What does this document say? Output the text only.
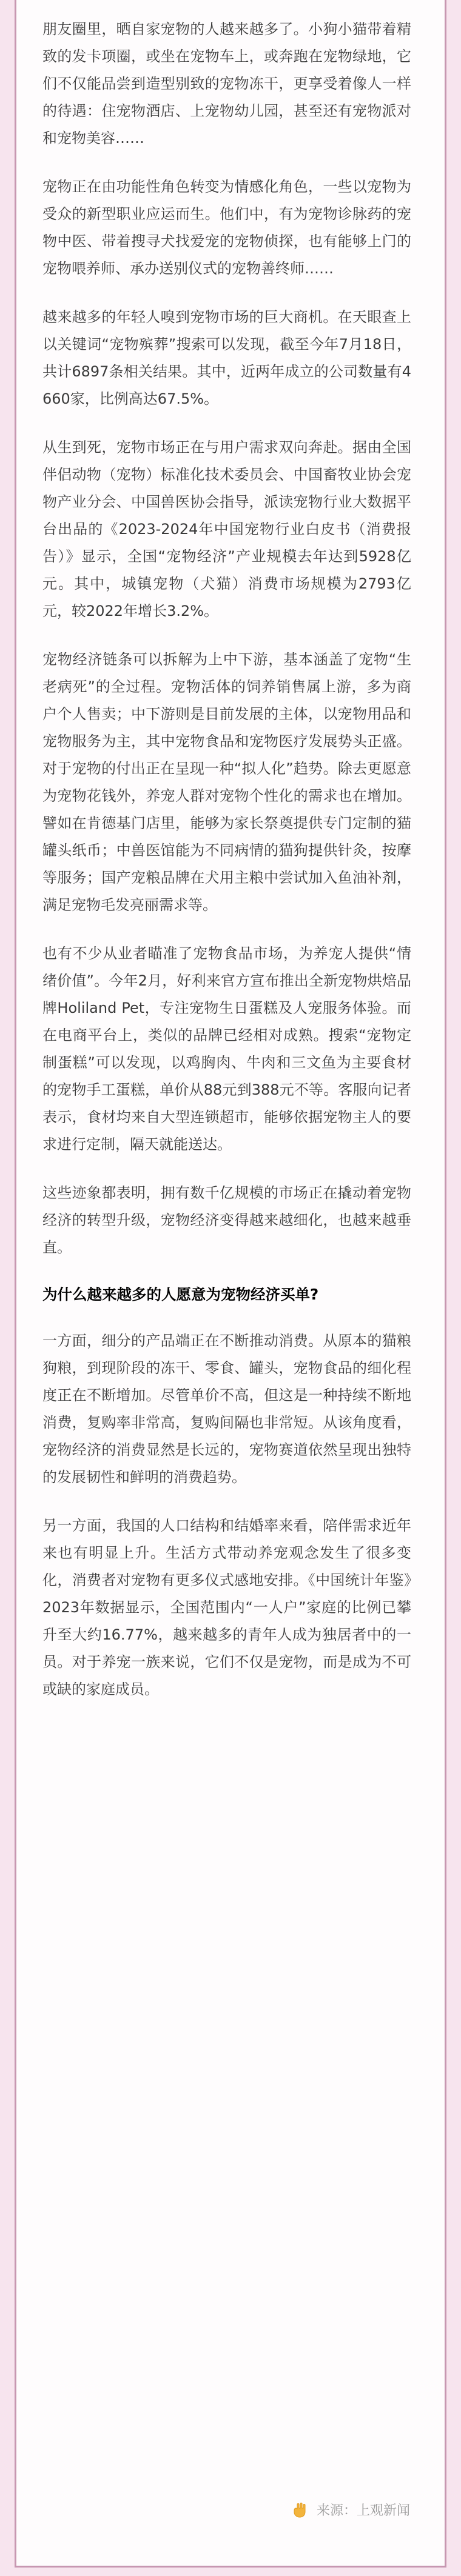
朋友圈里，晒自家宠物的人越来越多了。小狗小猫带着精致的发卡项圈，或坐在宠物车上，或奔跑在宠物绿地，它们不仅能品尝到造型别致的宠物冻干，更享受着像人一样的待遇：住宠物酒店、上宠物幼儿园，甚至还有宠物派对和宠物美容……

宠物正在由功能性角色转变为情感化角色，一些以宠物为受众的新型职业应运而生。他们中，有为宠物诊脉药的宠物中医、带着搜寻犬找爱宠的宠物侦探，也有能够上门的宠物喂养师、承办送别仪式的宠物善终师……

越来越多的年轻人嗅到宠物市场的巨大商机。在天眼查上以关键词“宠物殡葬”搜索可以发现，截至今年7月18日，共计6897条相关结果。其中，近两年成立的公司数量有4660家，比例高达67.5%。

从生到死，宠物市场正在与用户需求双向奔赴。据由全国伴侣动物（宠物）标准化技术委员会、中国畜牧业协会宠物产业分会、中国兽医协会指导，派读宠物行业大数据平台出品的《2023-2024年中国宠物行业白皮书（消费报告）》显示，全国“宠物经济”产业规模去年达到5928亿元。其中，城镇宠物（犬猫）消费市场规模为2793亿元，较2022年增长3.2%。

宠物经济链条可以拆解为上中下游，基本涵盖了宠物“生老病死”的全过程。宠物活体的饲养销售属上游，多为商户个人售卖；中下游则是目前发展的主体，以宠物用品和宠物服务为主，其中宠物食品和宠物医疗发展势头正盛。对于宠物的付出正在呈现一种“拟人化”趋势。除去更愿意为宠物花钱外，养宠人群对宠物个性化的需求也在增加。譬如在肯德基门店里，能够为家长祭奠提供专门定制的猫罐头纸币；中兽医馆能为不同病情的猫狗提供针灸，按摩等服务；国产宠粮品牌在犬用主粮中尝试加入鱼油补剂，满足宠物毛发亮丽需求等。

也有不少从业者瞄准了宠物食品市场，为养宠人提供“情绪价值”。今年2月，好利来官方宣布推出全新宠物烘焙品牌Holiland Pet，专注宠物生日蛋糕及人宠服务体验。而在电商平台上，类似的品牌已经相对成熟。搜索“宠物定制蛋糕”可以发现，以鸡胸肉、牛肉和三文鱼为主要食材的宠物手工蛋糕，单价从88元到388元不等。客服向记者表示，食材均来自大型连锁超市，能够依据宠物主人的要求进行定制，隔天就能送达。

这些迹象都表明，拥有数千亿规模的市场正在撬动着宠物经济的转型升级，宠物经济变得越来越细化，也越来越垂直。

为什么越来越多的人愿意为宠物经济买单?

一方面，细分的产品端正在不断推动消费。从原本的猫粮狗粮，到现阶段的冻干、零食、罐头，宠物食品的细化程度正在不断增加。尽管单价不高，但这是一种持续不断地消费，复购率非常高，复购间隔也非常短。从该角度看，宠物经济的消费显然是长远的，宠物赛道依然呈现出独特的发展韧性和鲜明的消费趋势。

另一方面，我国的人口结构和结婚率来看，陪伴需求近年来也有明显上升。生活方式带动养宠观念发生了很多变化，消费者对宠物有更多仪式感地安排。《中国统计年鉴》2023年数据显示，全国范围内“一人户”家庭的比例已攀升至大约16.77%，越来越多的青年人成为独居者中的一员。对于养宠一族来说，它们不仅是宠物，而是成为不可或缺的家庭成员。

来源：上观新闻
